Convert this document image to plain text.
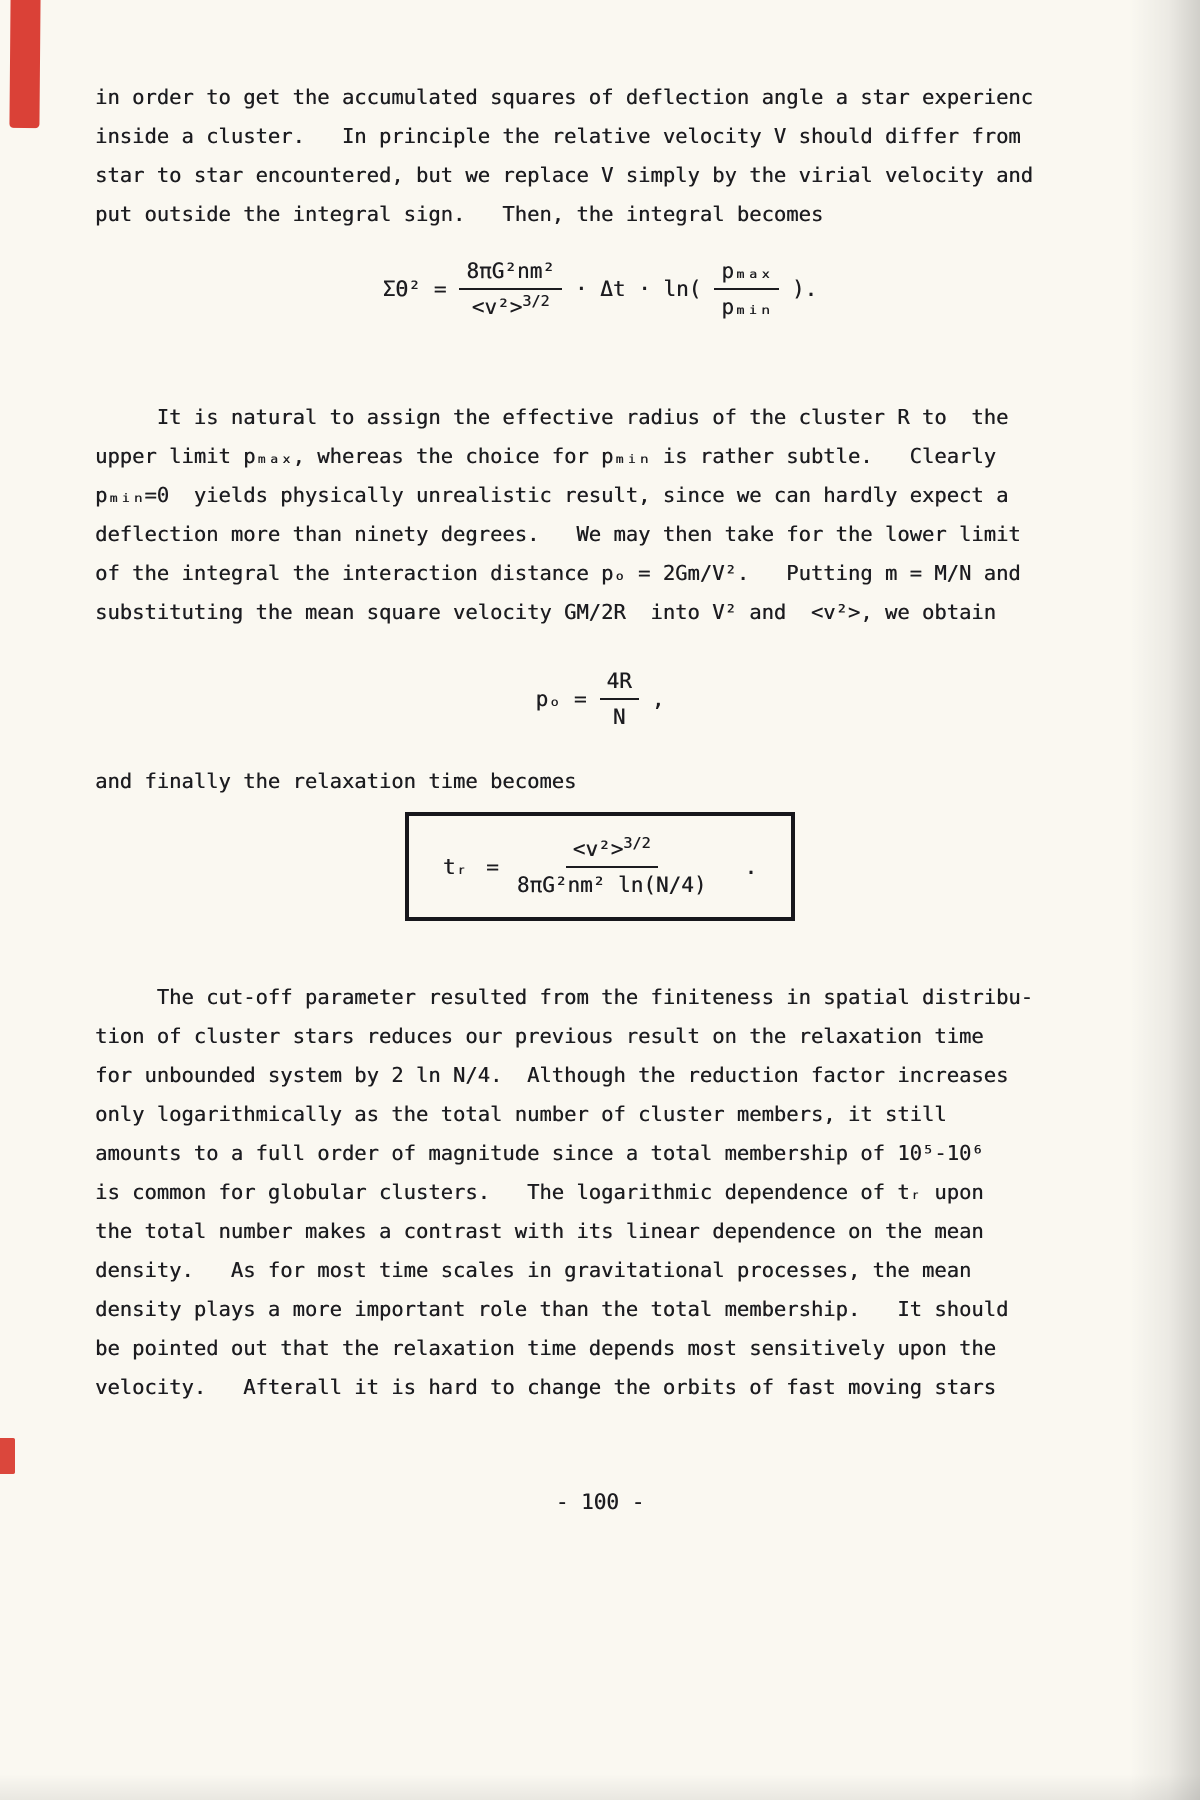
in order to get the accumulated squares of deflection angle a star experienc
inside a cluster.   In principle the relative velocity V should differ from
star to star encountered, but we replace V simply by the virial velocity and
put outside the integral sign.   Then, the integral becomes
$\Sigma\Theta^2 = \frac{\text{8πG²nm²}}{<v^2>^{3/2}} \cdot \Delta t \cdot \ln( \frac{\text{pₘₐₓ}}{\text{pₘᵢₙ}}$ ).
It is natural to assign the effective radius of the cluster R to  the
upper limit pₘₐₓ, whereas the choice for pₘᵢₙ is rather subtle.   Clearly
pₘᵢₙ=0  yields physically unrealistic result, since we can hardly expect a
deflection more than ninety degrees.   We may then take for the lower limit
of the integral the interaction distance pₒ = 2Gm/V².   Putting m = M/N and
substituting the mean square velocity GM/2R  into V² and  <v²>, we obtain
$p_o = \frac{4R}{N}$ ,
and finally the relaxation time becomes
tᵣ = $\frac{<v^2>^{3/2}}{\text{8πG²nm² ln(N/4)}}$ .
The cut-off parameter resulted from the finiteness in spatial distribu-
tion of cluster stars reduces our previous result on the relaxation time
for unbounded system by 2 ln N/4.  Although the reduction factor increases
only logarithmically as the total number of cluster members, it still
amounts to a full order of magnitude since a total membership of 10⁵-10⁶
is common for globular clusters.   The logarithmic dependence of tᵣ upon
the total number makes a contrast with its linear dependence on the mean
density.   As for most time scales in gravitational processes, the mean
density plays a more important role than the total membership.   It should
be pointed out that the relaxation time depends most sensitively upon the
velocity.   Afterall it is hard to change the orbits of fast moving stars
- 100 -
